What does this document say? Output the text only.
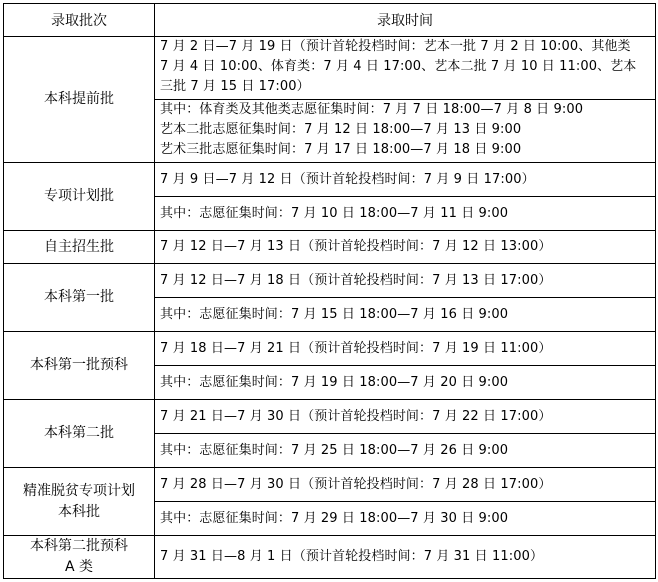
录取批次	录取时间
本科提前批	7 月 2 日—7 月 19 日（预计首轮投档时间：艺本一批 7 月 2 日 10:00、其他类
7 月 4 日 10:00、体育类：7 月 4 日 17:00、艺本二批 7 月 10 日 11:00、艺本
三批 7 月 15 日 17:00）

	其中：体育类及其他类志愿征集时间：7 月 7 日 18:00—7 月 8 日 9:00
艺本二批志愿征集时间：7 月 12 日 18:00—7 月 13 日 9:00
艺术三批志愿征集时间：7 月 17 日 18:00—7 月 18 日 9:00

专项计划批	7 月 9 日—7 月 12 日（预计首轮投档时间：7 月 9 日 17:00）

	其中：志愿征集时间：7 月 10 日 18:00—7 月 11 日 9:00

自主招生批	7 月 12 日—7 月 13 日（预计首轮投档时间：7 月 12 日 13:00）

本科第一批	7 月 12 日—7 月 18 日（预计首轮投档时间：7 月 13 日 17:00）

	其中：志愿征集时间：7 月 15 日 18:00—7 月 16 日 9:00

本科第一批预科	7 月 18 日—7 月 21 日（预计首轮投档时间：7 月 19 日 11:00）

	其中：志愿征集时间：7 月 19 日 18:00—7 月 20 日 9:00

本科第二批	7 月 21 日—7 月 30 日（预计首轮投档时间：7 月 22 日 17:00）

	其中：志愿征集时间：7 月 25 日 18:00—7 月 26 日 9:00

精准脱贫专项计划
本科批	7 月 28 日—7 月 30 日（预计首轮投档时间：7 月 28 日 17:00）

	其中：志愿征集时间：7 月 29 日 18:00—7 月 30 日 9:00

本科第二批预科
A 类	7 月 31 日—8 月 1 日（预计首轮投档时间：7 月 31 日 11:00）
